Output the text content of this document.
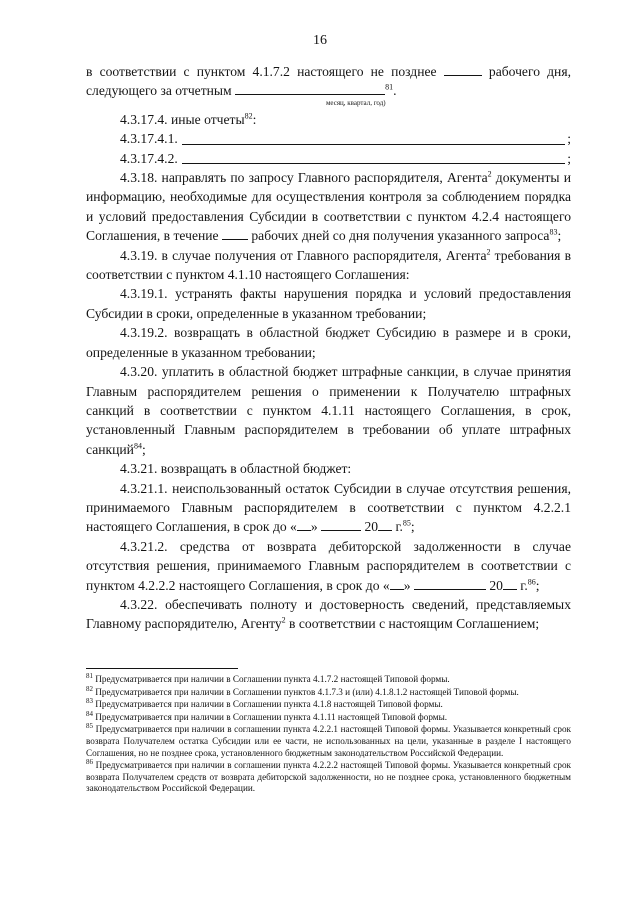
16

в соответствии с пунктом 4.1.7.2 настоящего не позднее	рабочего дня, следующего за отчетным	$^{81}$.

месяц, квартал, год)

4.3.17.4. иные отчеты$^{82}$:

4.3.17.4.1.	;
4.3.17.4.2.	;

4.3.18. направлять по запросу Главного распорядителя, Агента$^2$ документы и информацию, необходимые для осуществления контроля за соблюдением порядка и условий предоставления Субсидии в соответствии с пунктом 4.2.4 настоящего Соглашения, в течение  рабочих дней со дня получения указанного запроса$^{83}$;

4.3.19. в случае получения от Главного распорядителя, Агента$^2$ требования в соответствии с пунктом 4.1.10 настоящего Соглашения:

4.3.19.1. устранять факты нарушения порядка и условий предоставления Субсидии в сроки, определенные в указанном требовании;

4.3.19.2. возвращать в областной бюджет Субсидию в размере и в сроки, определенные в указанном требовании;

4.3.20. уплатить в областной бюджет штрафные санкции, в случае принятия Главным распорядителем решения о применении к Получателю штрафных санкций в соответствии с пунктом 4.1.11 настоящего Соглашения, в срок, установленный Главным распорядителем в требовании об уплате штрафных санкций$^{84}$;

4.3.21. возвращать в областной бюджет:

4.3.21.1. неиспользованный остаток Субсидии в случае отсутствия решения, принимаемого Главным распорядителем в соответствии с пунктом 4.2.2.1 настоящего Соглашения, в срок до « »	20 г.$^{85}$;

4.3.21.2. средства от возврата дебиторской задолженности в случае отсутствия решения, принимаемого Главным распорядителем в соответствии с пунктом 4.2.2.2 настоящего Соглашения, в срок до « »	20 г.$^{86}$;

4.3.22. обеспечивать полноту и достоверность сведений, представляемых Главному распорядителю, Агенту$^2$ в соответствии с настоящим Соглашением;

$^{81}$ Предусматривается при наличии в Соглашении пункта 4.1.7.2 настоящей Типовой формы.

$^{82}$ Предусматривается при наличии в Соглашении пунктов 4.1.7.3 и (или) 4.1.8.1.2 настоящей Типовой формы.

$^{83}$ Предусматривается при наличии в Соглашении пункта 4.1.8 настоящей Типовой формы.

$^{84}$ Предусматривается при наличии в Соглашении пункта 4.1.11 настоящей Типовой формы.

$^{85}$ Предусматривается при наличии в соглашении пункта 4.2.2.1 настоящей Типовой формы. Указывается конкретный срок возврата Получателем остатка Субсидии или ее части, не использованных на цели, указанные в разделе I настоящего Соглашения, но не позднее срока, установленного бюджетным законодательством Российской Федерации.

$^{86}$ Предусматривается при наличии в соглашении пункта 4.2.2.2 настоящей Типовой формы. Указывается конкретный срок возврата Получателем средств от возврата дебиторской задолженности, но не позднее срока, установленного бюджетным законодательством Российской Федерации.
